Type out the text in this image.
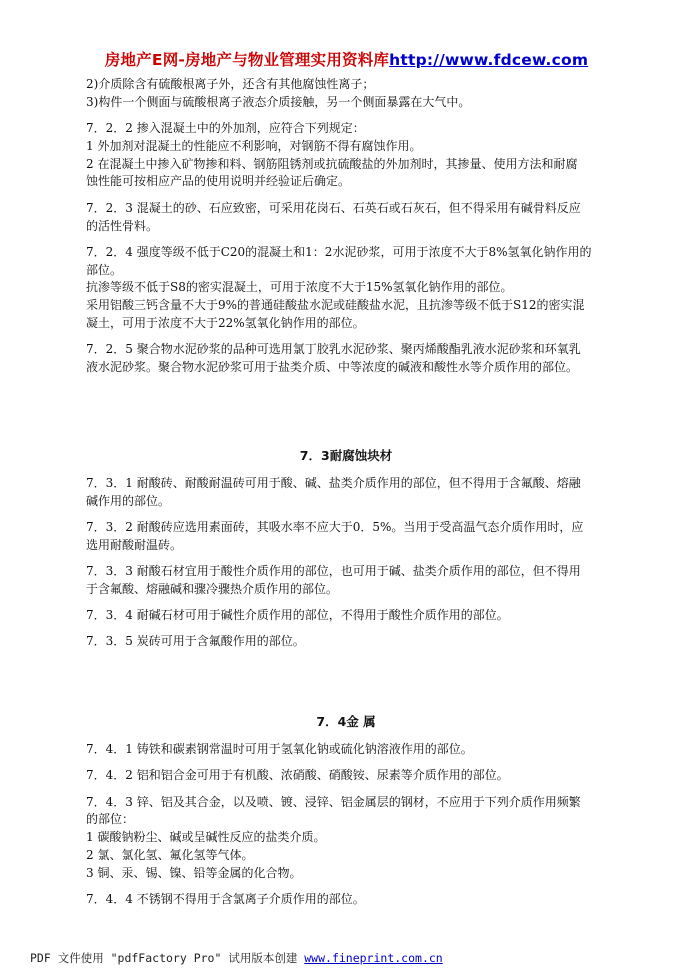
房地产E网-房地产与物业管理实用资料库http://www.fdcew.com

2)介质除含有硫酸根离子外，还含有其他腐蚀性离子；

3)构件一个侧面与硫酸根离子液态介质接触，另一个侧面暴露在大气中。

7．2．2 掺入混凝土中的外加剂，应符合下列规定：

1 外加剂对混凝土的性能应不利影响，对钢筋不得有腐蚀作用。

2 在混凝土中掺入矿物掺和料、钢筋阻锈剂或抗硫酸盐的外加剂时，其掺量、使用方法和耐腐

蚀性能可按相应产品的使用说明并经验证后确定。

7．2．3 混凝土的砂、石应致密，可采用花岗石、石英石或石灰石，但不得采用有碱骨料反应

的活性骨料。

7．2．4 强度等级不低于C20的混凝土和1：2水泥砂浆，可用于浓度不大于8%氢氧化钠作用的

部位。

抗渗等级不低于S8的密实混凝土，可用于浓度不大于15%氢氧化钠作用的部位。

采用铝酸三钙含量不大于9%的普通硅酸盐水泥或硅酸盐水泥，且抗渗等级不低于S12的密实混

凝土，可用于浓度不大于22%氢氧化钠作用的部位。

7．2．5 聚合物水泥砂浆的品种可选用氯丁胶乳水泥砂浆、聚丙烯酸酯乳液水泥砂浆和环氧乳

液水泥砂浆。聚合物水泥砂浆可用于盐类介质、中等浓度的碱液和酸性水等介质作用的部位。

7．3耐腐蚀块材

7．3．1 耐酸砖、耐酸耐温砖可用于酸、碱、盐类介质作用的部位，但不得用于含氟酸、熔融

碱作用的部位。

7．3．2 耐酸砖应选用素面砖，其吸水率不应大于0．5%。当用于受高温气态介质作用时，应

选用耐酸耐温砖。

7．3．3 耐酸石材宜用于酸性介质作用的部位，也可用于碱、盐类介质作用的部位，但不得用

于含氟酸、熔融碱和骤冷骤热介质作用的部位。

7．3．4 耐碱石材可用于碱性介质作用的部位，不得用于酸性介质作用的部位。

7．3．5 炭砖可用于含氟酸作用的部位。

7．4金 属

7．4．1 铸铁和碳素钢常温时可用于氢氧化钠或硫化钠溶液作用的部位。

7．4．2 铝和铝合金可用于有机酸、浓硝酸、硝酸铵、尿素等介质作用的部位。

7．4．3 锌、铝及其合金，以及喷、镀、浸锌、铝金属层的钢材，不应用于下列介质作用频繁

的部位：

1 碳酸钠粉尘、碱或呈碱性反应的盐类介质。

2 氯、氯化氢、氟化氢等气体。

3 铜、汞、锡、镍、铅等金属的化合物。

7．4．4 不锈钢不得用于含氯离子介质作用的部位。

PDF 文件使用 "pdfFactory Pro" 试用版本创建 www.fineprint.com.cn
